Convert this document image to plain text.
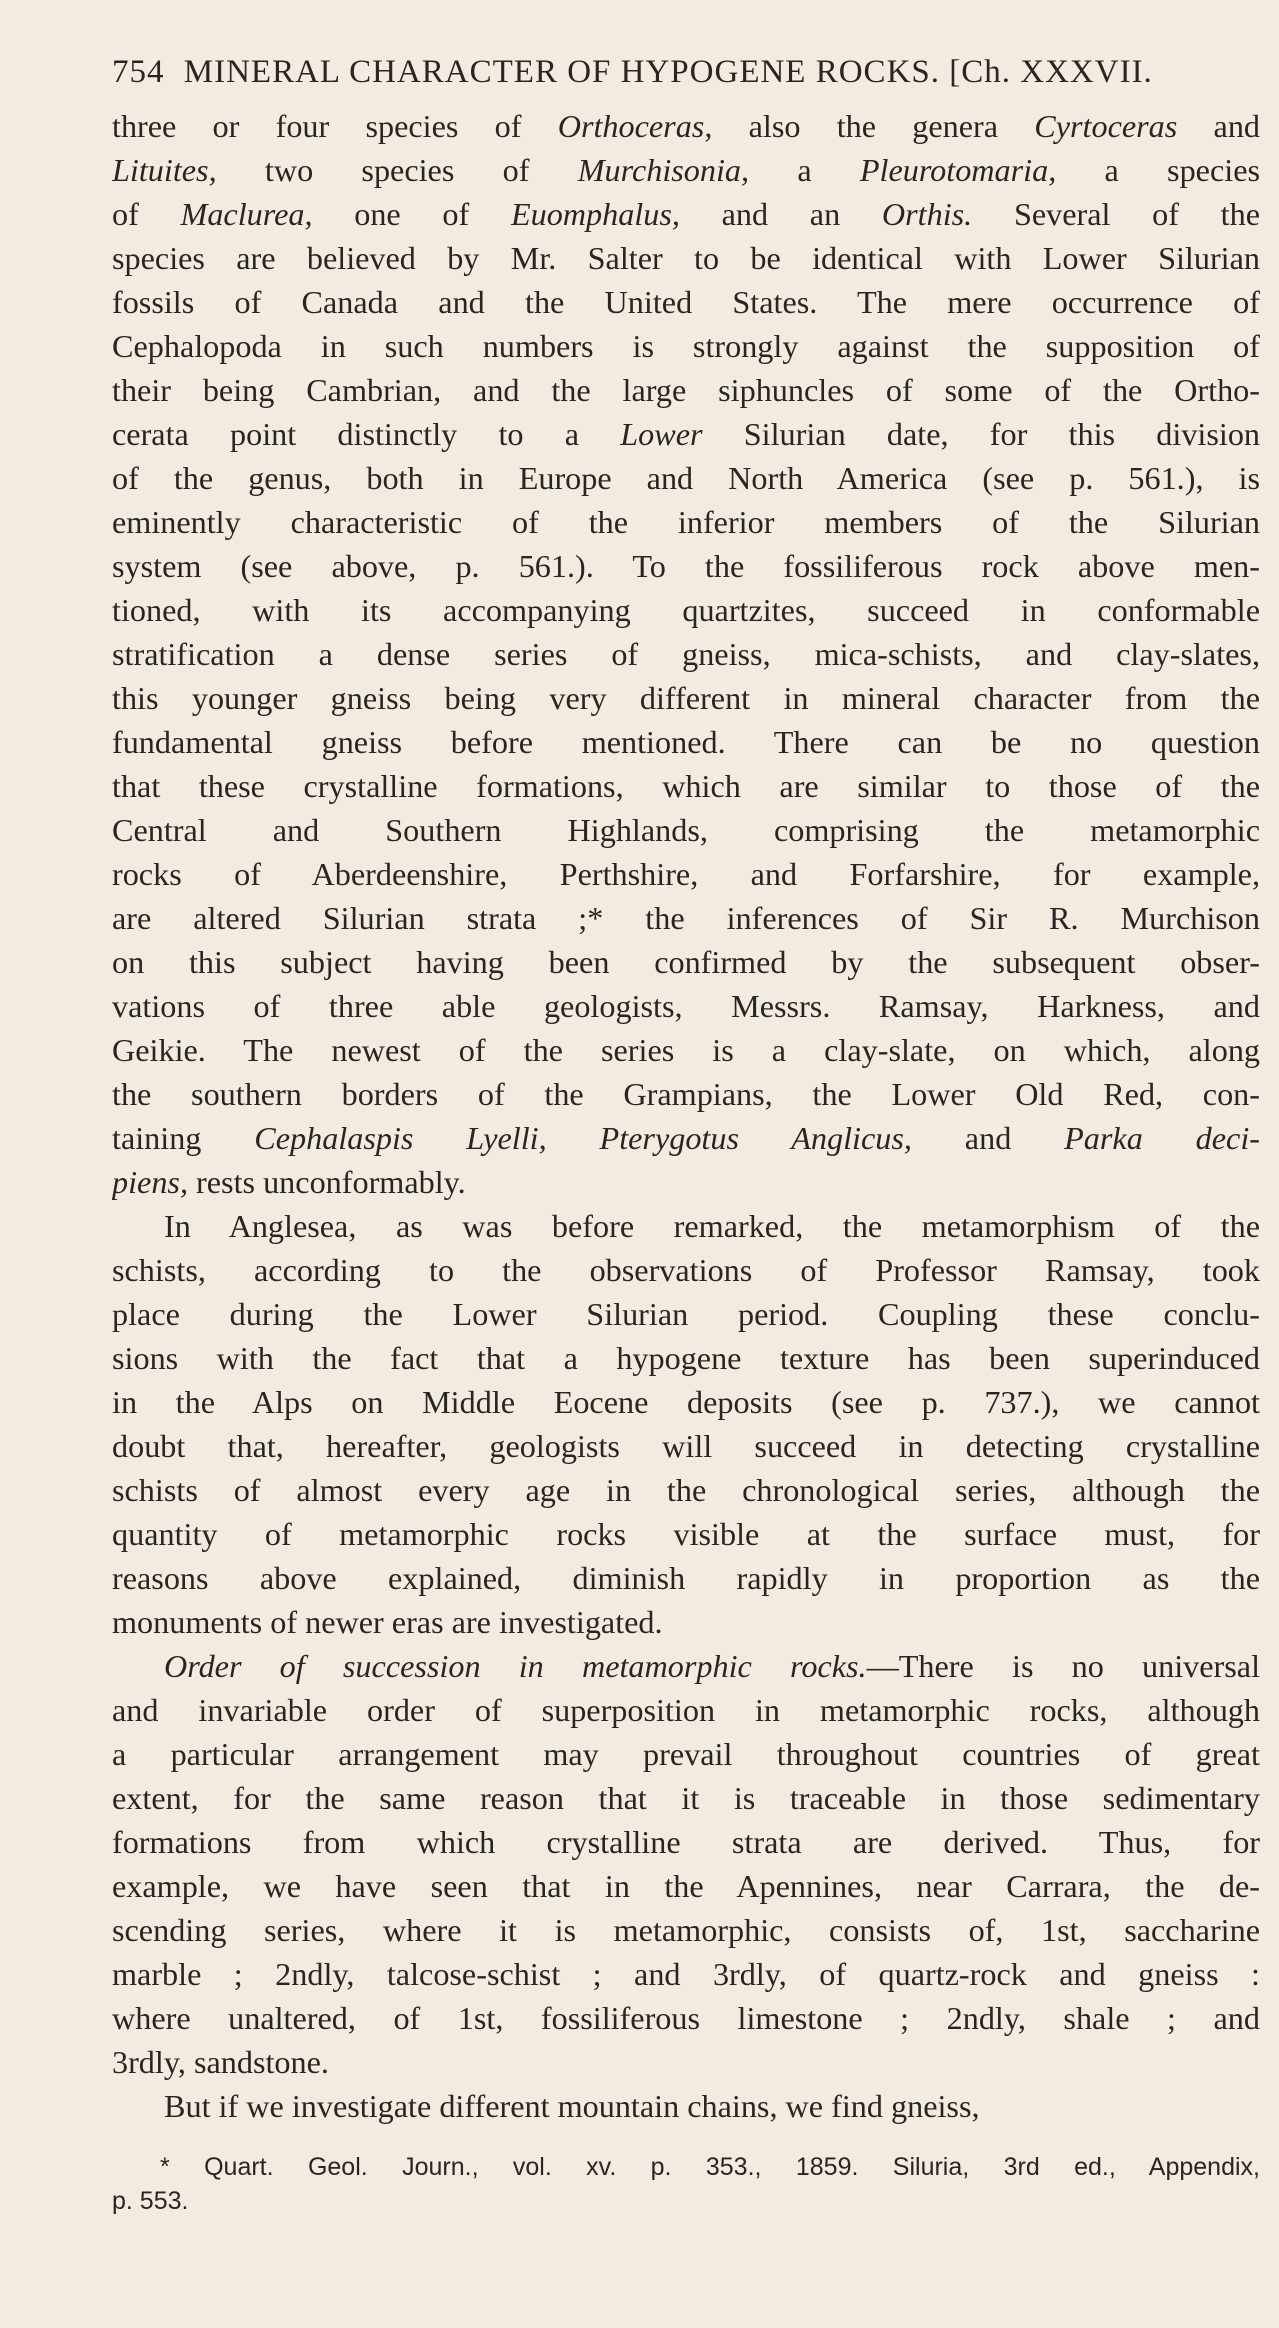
754 MINERAL CHARACTER OF HYPOGENE ROCKS. [Ch. XXXVII.
three or four species of Orthoceras, also the genera Cyrtoceras and
Lituites, two species of Murchisonia, a Pleurotomaria, a species
of Maclurea, one of Euomphalus, and an Orthis. Several of the
species are believed by Mr. Salter to be identical with Lower Silurian
fossils of Canada and the United States. The mere occurrence of
Cephalopoda in such numbers is strongly against the supposition of
their being Cambrian, and the large siphuncles of some of the Ortho-
cerata point distinctly to a Lower Silurian date, for this division
of the genus, both in Europe and North America (see p. 561.), is
eminently characteristic of the inferior members of the Silurian
system (see above, p. 561.). To the fossiliferous rock above men-
tioned, with its accompanying quartzites, succeed in conformable
stratification a dense series of gneiss, mica-schists, and clay-slates,
this younger gneiss being very different in mineral character from the
fundamental gneiss before mentioned. There can be no question
that these crystalline formations, which are similar to those of the
Central and Southern Highlands, comprising the metamorphic
rocks of Aberdeenshire, Perthshire, and Forfarshire, for example,
are altered Silurian strata ;* the inferences of Sir R. Murchison
on this subject having been confirmed by the subsequent obser-
vations of three able geologists, Messrs. Ramsay, Harkness, and
Geikie. The newest of the series is a clay-slate, on which, along
the southern borders of the Grampians, the Lower Old Red, con-
taining Cephalaspis Lyelli, Pterygotus Anglicus, and Parka deci-
piens, rests unconformably.
In Anglesea, as was before remarked, the metamorphism of the
schists, according to the observations of Professor Ramsay, took
place during the Lower Silurian period. Coupling these conclu-
sions with the fact that a hypogene texture has been superinduced
in the Alps on Middle Eocene deposits (see p. 737.), we cannot
doubt that, hereafter, geologists will succeed in detecting crystalline
schists of almost every age in the chronological series, although the
quantity of metamorphic rocks visible at the surface must, for
reasons above explained, diminish rapidly in proportion as the
monuments of newer eras are investigated.
Order of succession in metamorphic rocks.—There is no universal
and invariable order of superposition in metamorphic rocks, although
a particular arrangement may prevail throughout countries of great
extent, for the same reason that it is traceable in those sedimentary
formations from which crystalline strata are derived. Thus, for
example, we have seen that in the Apennines, near Carrara, the de-
scending series, where it is metamorphic, consists of, 1st, saccharine
marble ; 2ndly, talcose-schist ; and 3rdly, of quartz-rock and gneiss :
where unaltered, of 1st, fossiliferous limestone ; 2ndly, shale ; and
3rdly, sandstone.
But if we investigate different mountain chains, we find gneiss,
* Quart. Geol. Journ., vol. xv. p. 353., 1859. Siluria, 3rd ed., Appendix,
p. 553.
